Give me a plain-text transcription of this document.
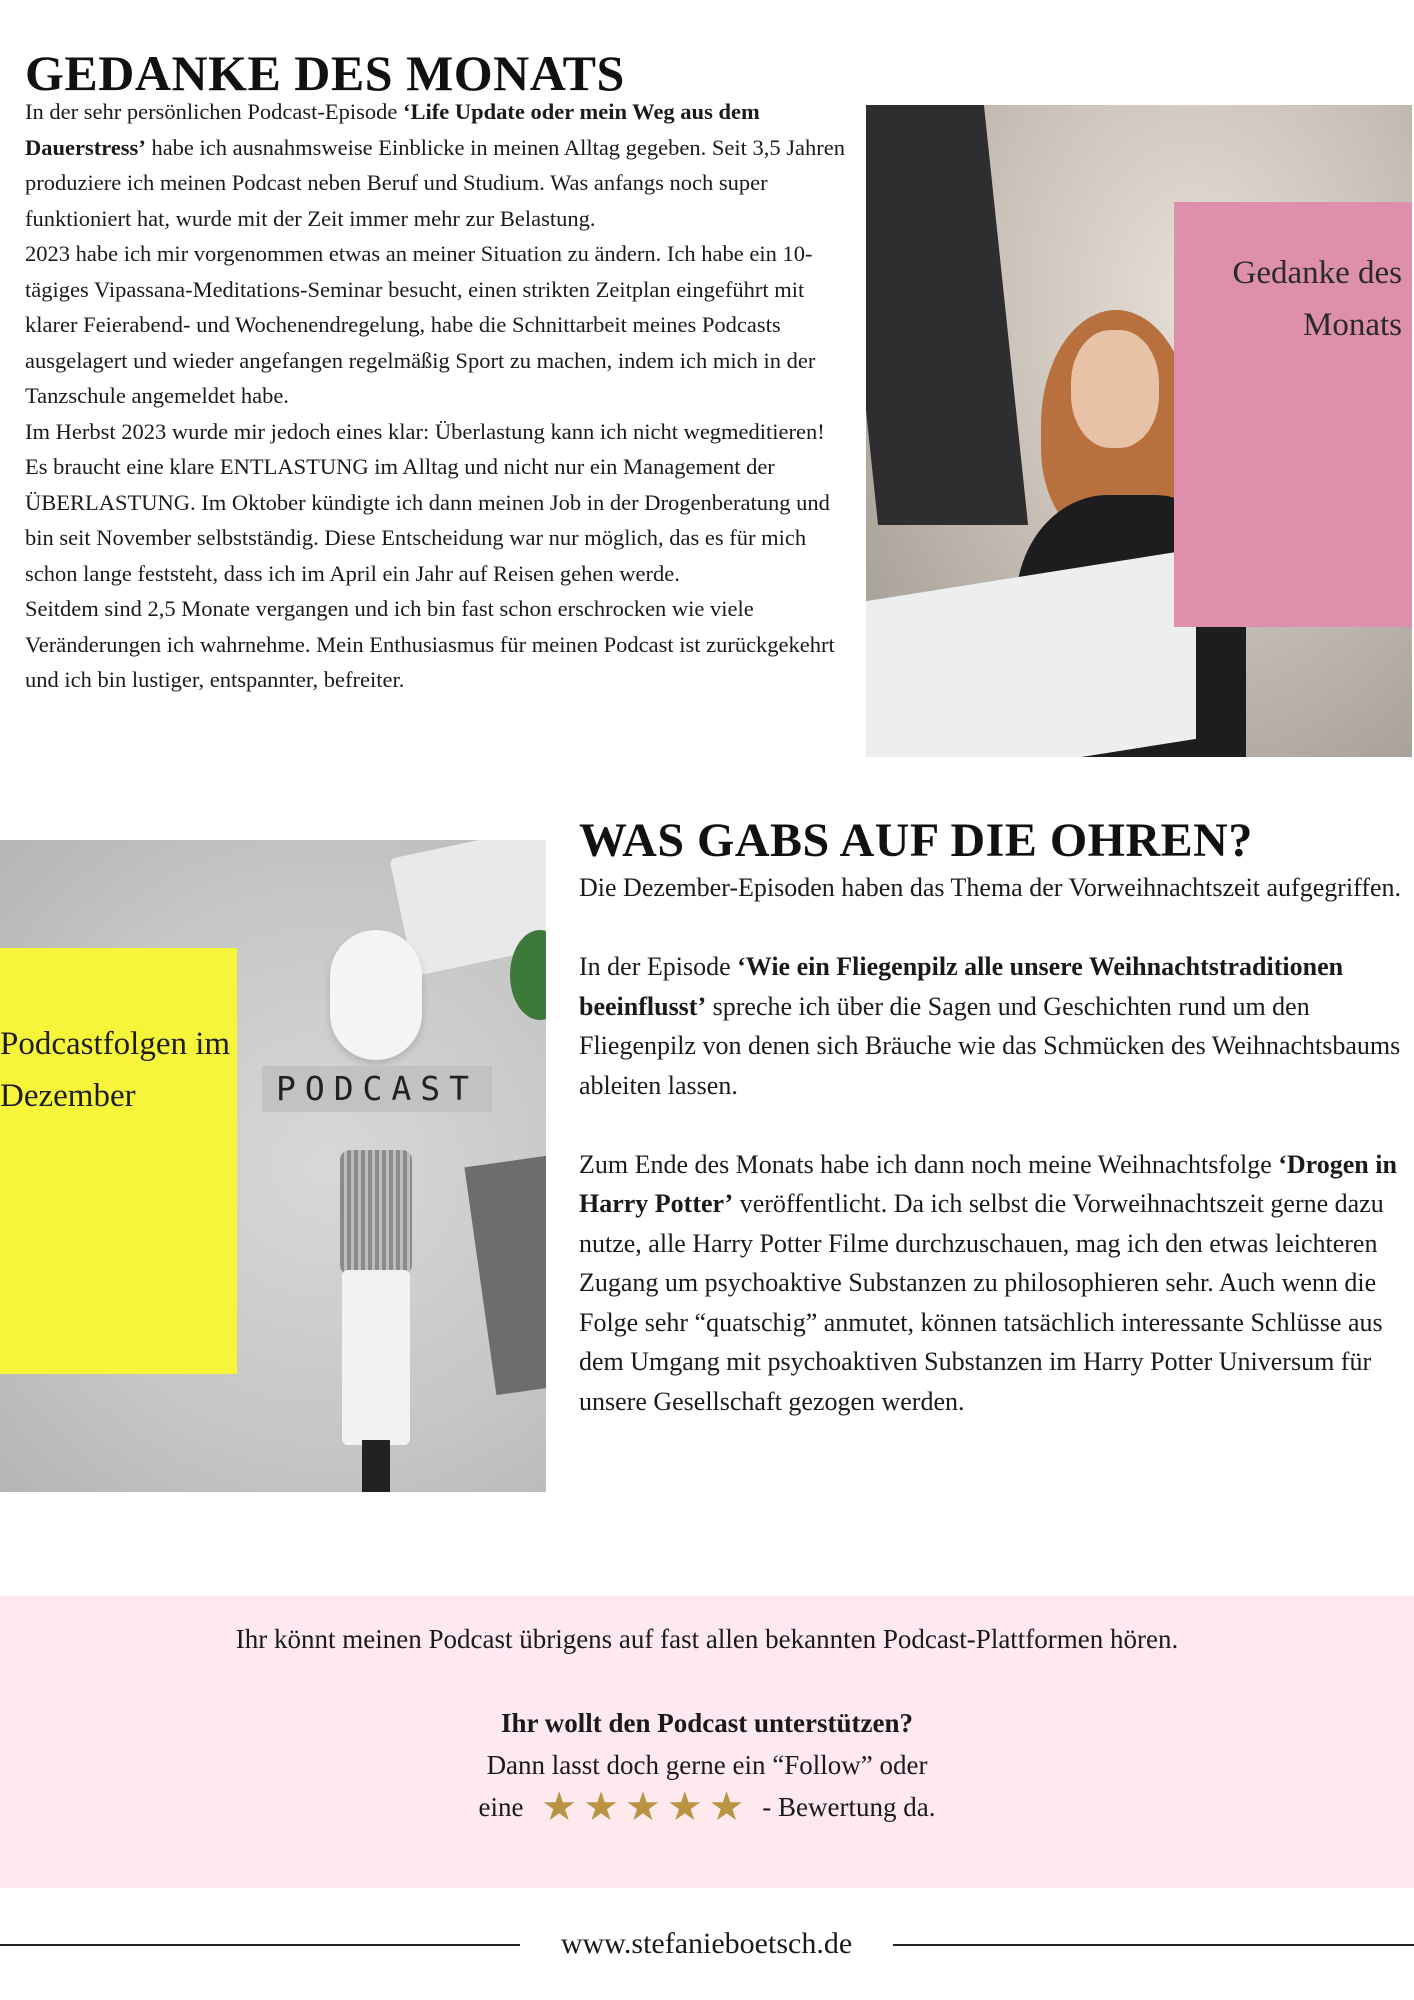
GEDANKE DES MONATS

In der sehr persönlichen Podcast-Episode ‘Life Update oder mein Weg aus dem Dauerstress’ habe ich ausnahmsweise Einblicke in meinen Alltag gegeben. Seit 3,5 Jahren produziere ich meinen Podcast neben Beruf und Studium. Was anfangs noch super funktioniert hat, wurde mit der Zeit immer mehr zur Belastung.

2023 habe ich mir vorgenommen etwas an meiner Situation zu ändern. Ich habe ein 10-tägiges Vipassana-Meditations-Seminar besucht, einen strikten Zeitplan eingeführt mit klarer Feierabend- und Wochenendregelung, habe die Schnittarbeit meines Podcasts ausgelagert und wieder angefangen regelmäßig Sport zu machen, indem ich mich in der Tanzschule angemeldet habe.

Im Herbst 2023 wurde mir jedoch eines klar: Überlastung kann ich nicht wegmeditieren! Es braucht eine klare ENTLASTUNG im Alltag und nicht nur ein Management der ÜBERLASTUNG. Im Oktober kündigte ich dann meinen Job in der Drogenberatung und bin seit November selbstständig. Diese Entscheidung war nur möglich, das es für mich schon lange feststeht, dass ich im April ein Jahr auf Reisen gehen werde.

Seitdem sind 2,5 Monate vergangen und ich bin fast schon erschrocken wie viele Veränderungen ich wahrnehme. Mein Enthusiasmus für meinen Podcast ist zurückgekehrt und ich bin lustiger, entspannter, befreiter.

Gedanke des Monats
PODCAST
Podcastfolgen im Dezember
WAS GABS AUF DIE OHREN?

Die Dezember-Episoden haben das Thema der Vorweihnachtszeit aufgegriffen.

In der Episode ‘Wie ein Fliegenpilz alle unsere Weihnachtstraditionen beeinflusst’ spreche ich über die Sagen und Geschichten rund um den Fliegenpilz von denen sich Bräuche wie das Schmücken des Weihnachtsbaums ableiten lassen.

Zum Ende des Monats habe ich dann noch meine Weihnachtsfolge ‘Drogen in Harry Potter’ veröffentlicht. Da ich selbst die Vorweihnachtszeit gerne dazu nutze, alle Harry Potter Filme durchzuschauen, mag ich den etwas leichteren Zugang um psychoaktive Substanzen zu philosophieren sehr. Auch wenn die Folge sehr “quatschig” anmutet, können tatsächlich interessante Schlüsse aus dem Umgang mit psychoaktiven Substanzen im Harry Potter Universum für unsere Gesellschaft gezogen werden.

Ihr könnt meinen Podcast übrigens auf fast allen bekannten Podcast-Plattformen hören.
Ihr wollt den Podcast unterstützen?
Dann lasst doch gerne ein “Follow” oder
eine ★ ★ ★ ★ ★ - Bewertung da.
www.stefanieboetsch.de
